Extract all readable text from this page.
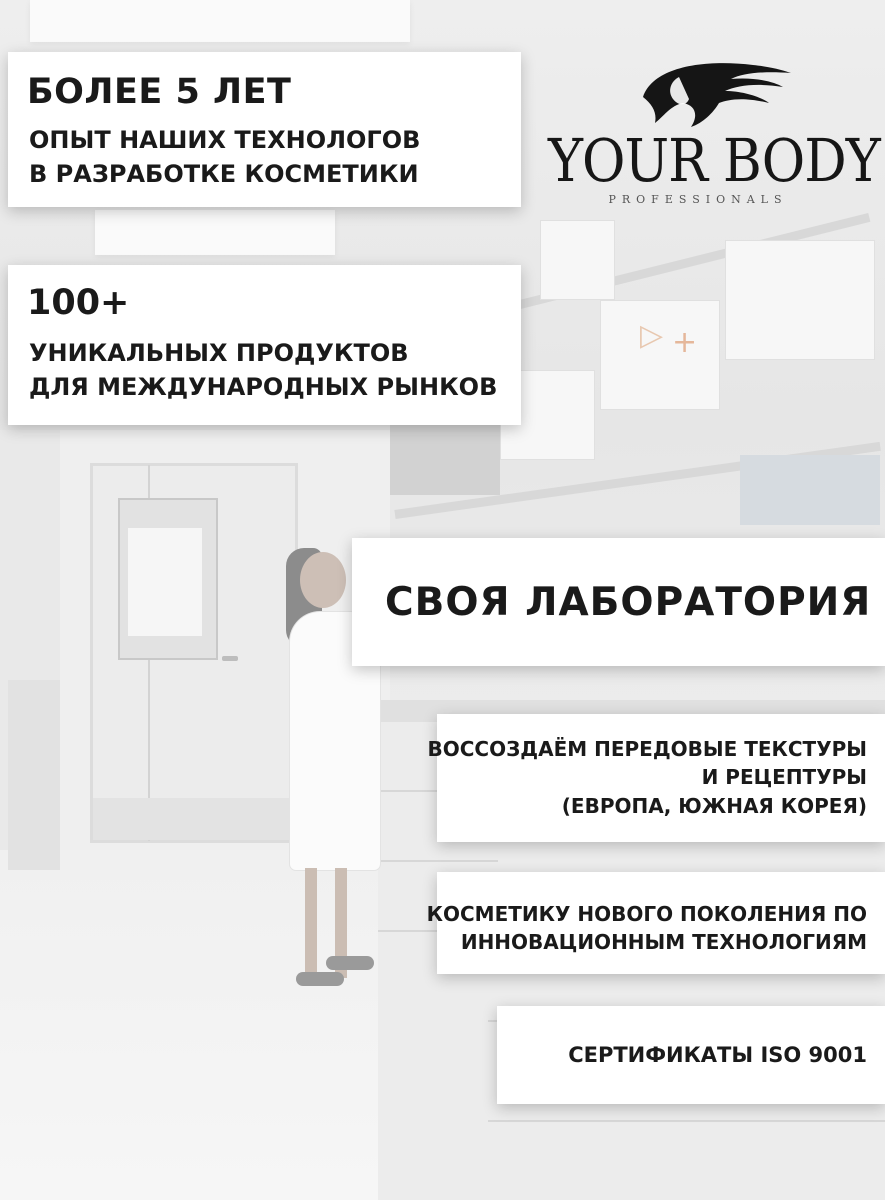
▷ +
YOUR BODY
PROFESSIONALS
БОЛЕЕ 5 ЛЕТ
ОПЫТ НАШИХ ТЕХНОЛОГОВ
В РАЗРАБОТКЕ КОСМЕТИКИ
100+
УНИКАЛЬНЫХ ПРОДУКТОВ
ДЛЯ МЕЖДУНАРОДНЫХ РЫНКОВ
СВОЯ ЛАБОРАТОРИЯ
ВОССОЗДАЁМ ПЕРЕДОВЫЕ ТЕКСТУРЫ
И РЕЦЕПТУРЫ
(ЕВРОПА, ЮЖНАЯ КОРЕЯ)
КОСМЕТИКУ НОВОГО ПОКОЛЕНИЯ ПО
ИННОВАЦИОННЫМ ТЕХНОЛОГИЯМ
СЕРТИФИКАТЫ ISO 9001
